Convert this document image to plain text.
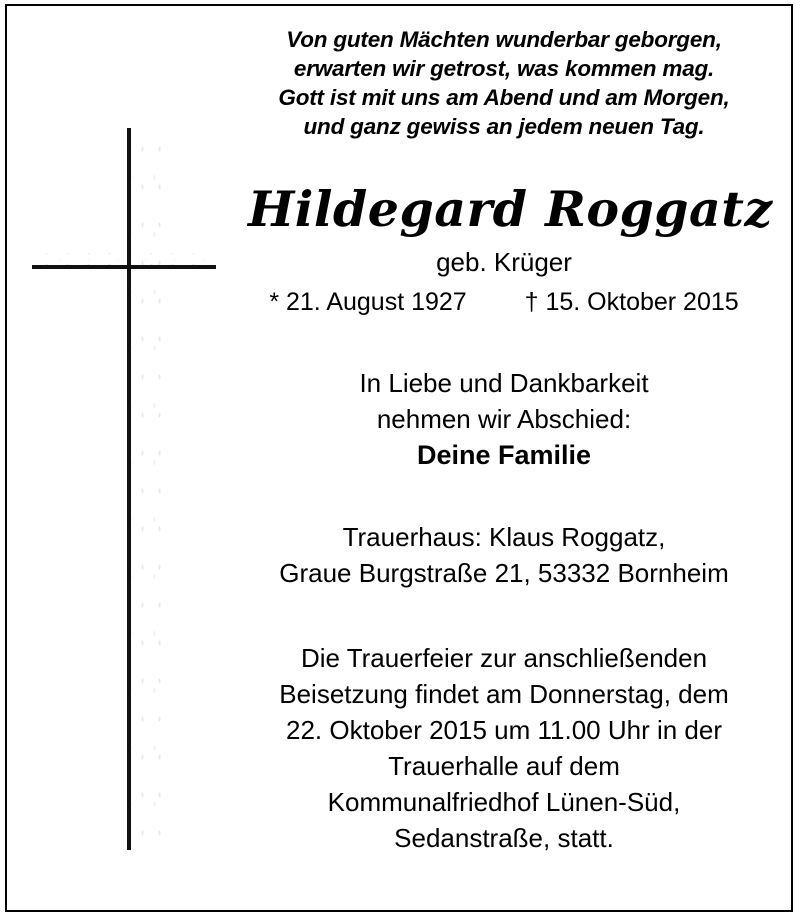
Von guten Mächten wunderbar geborgen,
erwarten wir getrost, was kommen mag.
Gott ist mit uns am Abend und am Morgen,
und ganz gewiss an jedem neuen Tag.
Hildegard Roggatz
geb. Krüger
* 21. August 1927 † 15. Oktober 2015
In Liebe und Dankbarkeit
nehmen wir Abschied:
Deine Familie
Trauerhaus: Klaus Roggatz,
Graue Burgstraße 21, 53332 Bornheim
Die Trauerfeier zur anschließenden
Beisetzung findet am Donnerstag, dem
22. Oktober 2015 um 11.00 Uhr in der
Trauerhalle auf dem
Kommunalfriedhof Lünen-Süd,
Sedanstraße, statt.
